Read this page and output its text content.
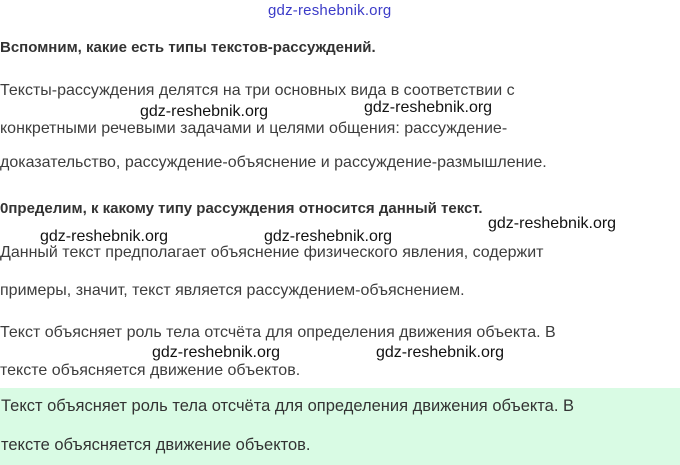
gdz-reshebnik.org
Вспомним, какие есть типы текстов-рассуждений.
Тексты-рассуждения делятся на три основных вида в соответствии с
конкретными речевыми задачами и целями общения: рассуждение-
доказательство, рассуждение-объяснение и рассуждение-размышление.
gdz-reshebnik.org	gdz-reshebnik.org
0пределим, к какому типу рассуждения относится данный текст.
Данный текст предполагает объяснение физического явления, содержит
примеры, значит, текст является рассуждением-объяснением.
gdz-reshebnik.org
gdz-reshebnik.org	gdz-reshebnik.org
Текст объясняет роль тела отсчёта для определения движения объекта. В
тексте объясняется движение объектов.
gdz-reshebnik.org	gdz-reshebnik.org
Текст объясняет роль тела отсчёта для определения движения объекта. В
тексте объясняется движение объектов.
